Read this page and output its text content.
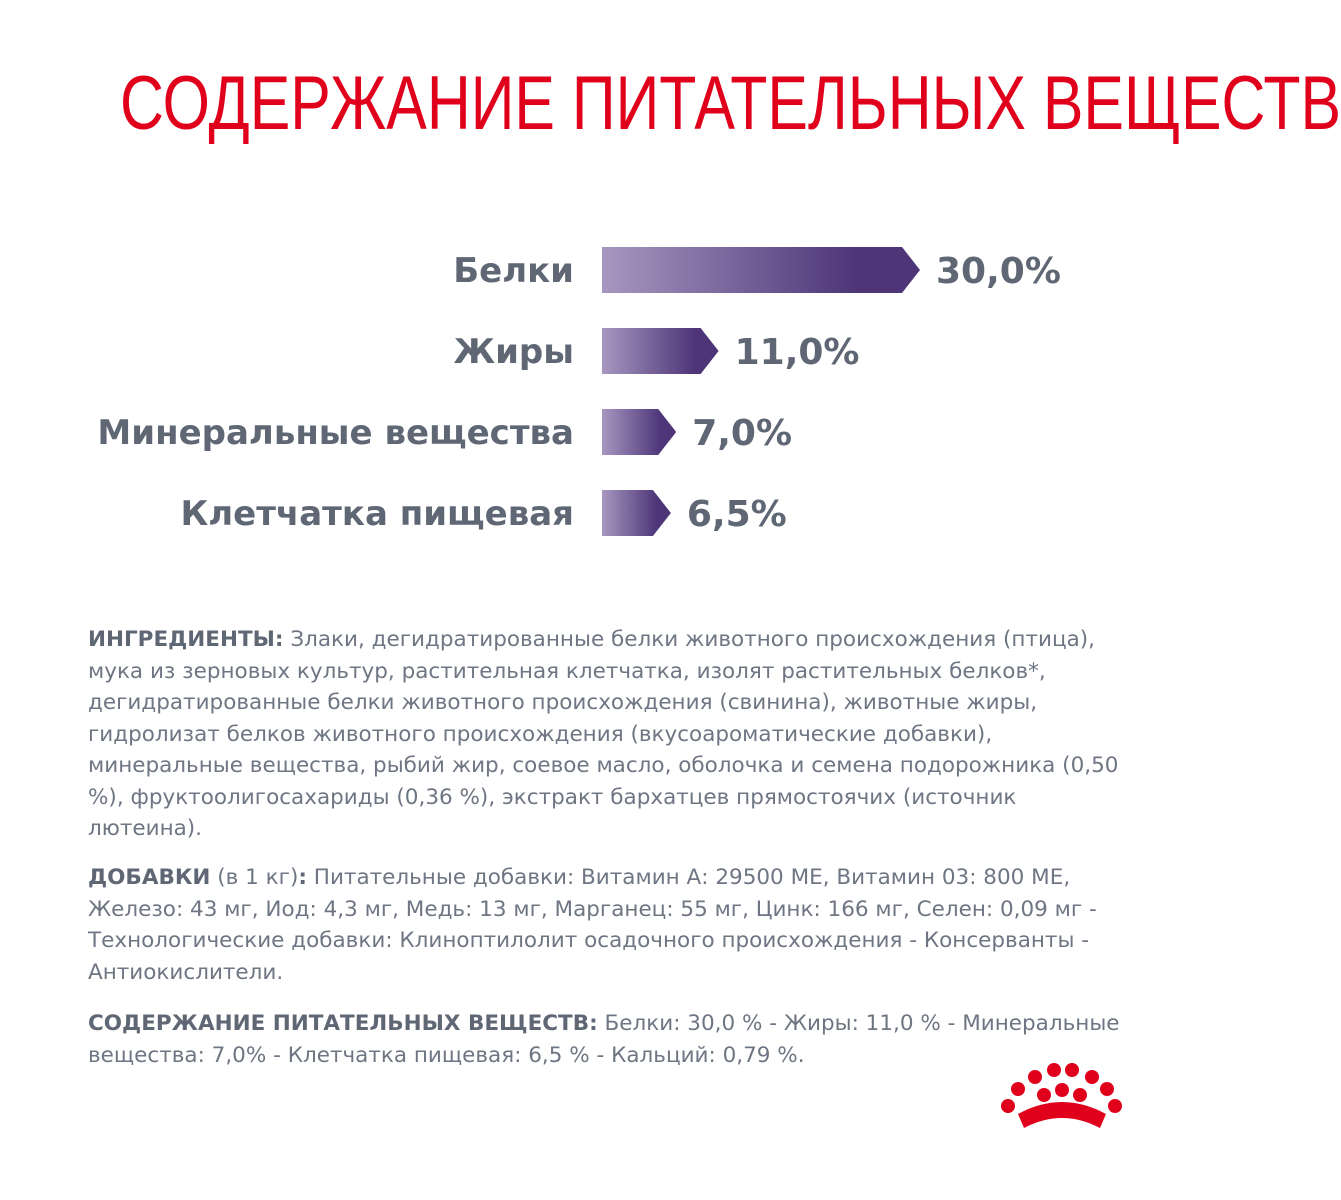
СОДЕРЖАНИЕ ПИТАТЕЛЬНЫХ ВЕЩЕСТВ
Белки	30,0%
Жиры	11,0%
Минеральные вещества	7,0%
Клетчатка пищевая	6,5%
ИНГРЕДИЕНТЫ: Злаки, дегидратированные белки животного происхождения (птица), мука из зерновых культур, растительная клетчатка, изолят растительных белков*, дегидратированные белки животного происхождения (свинина), животные жиры, гидролизат белков животного происхождения (вкусоароматические добавки), минеральные вещества, рыбий жир, соевое масло, оболочка и семена подорожника (0,50 %), фруктоолигосахариды (0,36 %), экстракт бархатцев прямостоячих (источник лютеина).
ДОБАВКИ (в 1 кг): Питательные добавки: Витамин А: 29500 МЕ, Витамин 03: 800 МЕ, Железо: 43 мг, Иод: 4,3 мг, Медь: 13 мг, Марганец: 55 мг, Цинк: 166 мг, Селен: 0,09 мг - Технологические добавки: Клиноптилолит осадочного происхождения - Консерванты - Антиокислители.
СОДЕРЖАНИЕ ПИТАТЕЛЬНЫХ ВЕЩЕСТВ: Белки: 30,0 % - Жиры: 11,0 % - Минеральные вещества: 7,0% - Клетчатка пищевая: 6,5 % - Кальций: 0,79 %.
